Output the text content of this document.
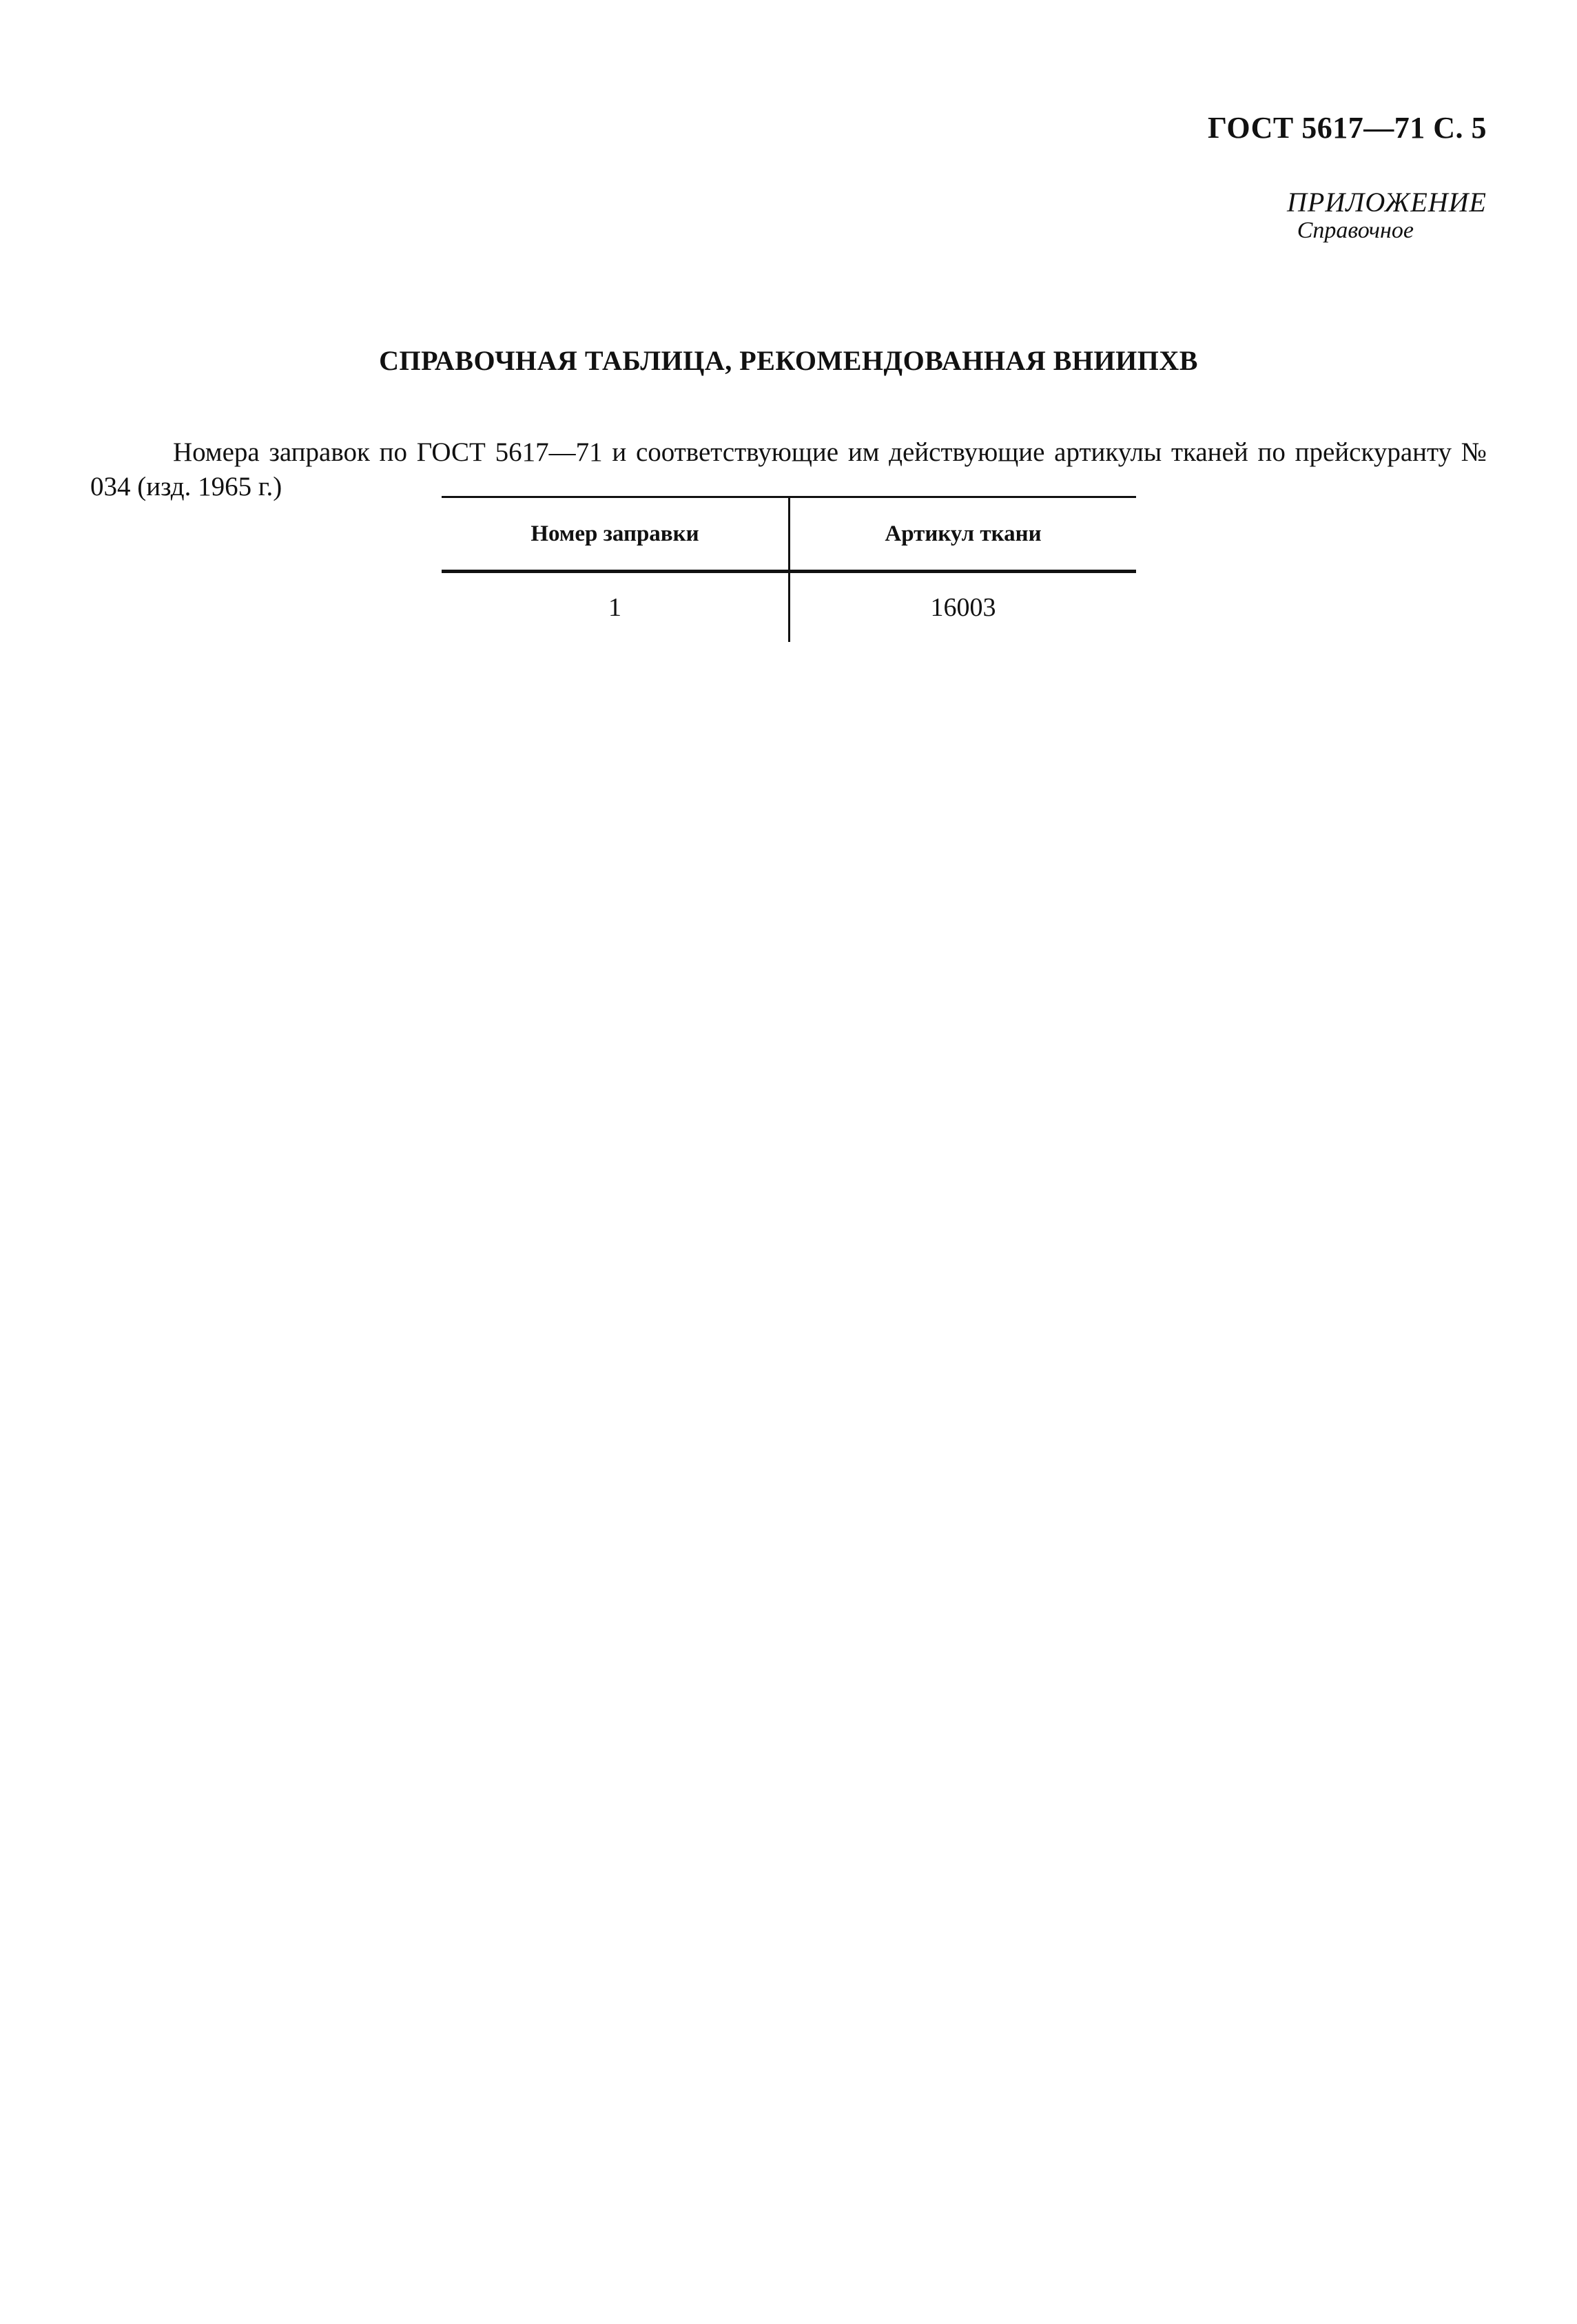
ГОСТ 5617—71 С. 5
ПРИЛОЖЕНИЕ
Справочное
СПРАВОЧНАЯ ТАБЛИЦА, РЕКОМЕНДОВАННАЯ ВНИИПХВ

Номера заправок по ГОСТ 5617—71 и соответствующие им действующие артикулы тканей по прейскуранту № 034 (изд. 1965 г.)

Номер заправки	Артикул ткани
1	16003
